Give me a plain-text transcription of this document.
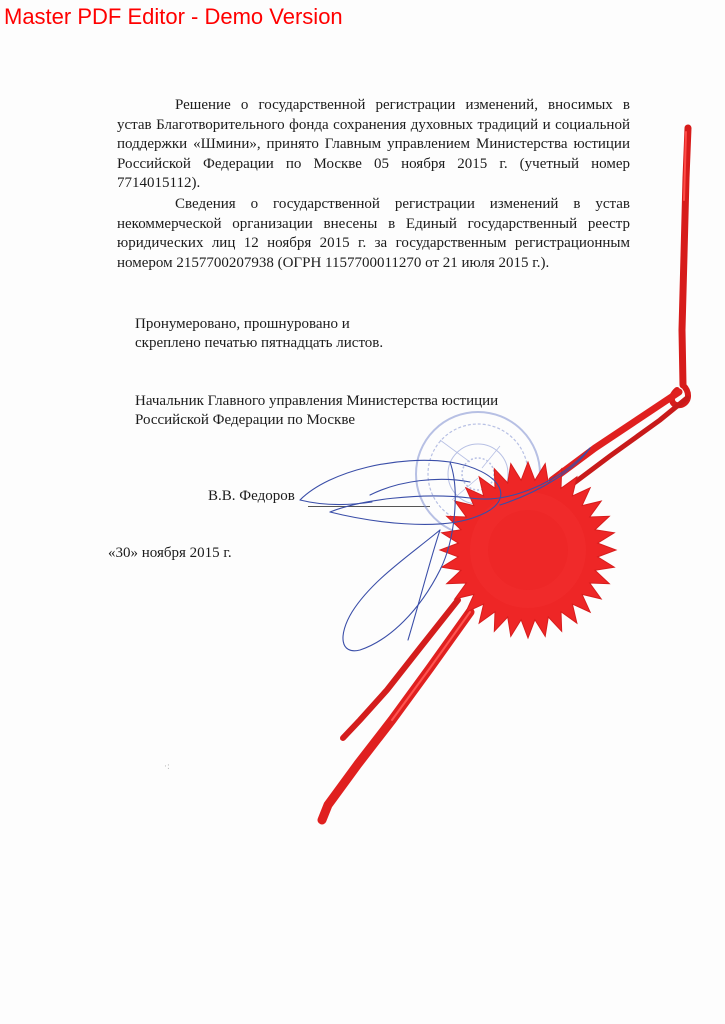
Master PDF Editor - Demo Version

Решение о государственной регистрации изменений, вносимых в устав Благотворительного фонда сохранения духовных традиций и социальной поддержки «Шмини», принято Главным управлением Министерства юстиции Российской Федерации по Москве 05 ноября 2015 г. (учетный номер 7714015112).

Сведения о государственной регистрации изменений в устав некоммерческой организации внесены в Единый государственный реестр юридических лиц 12 ноября 2015 г. за государственным регистрационным номером 2157700207938 (ОГРН 1157700011270 от 21 июля 2015 г.).

Пронумеровано, прошнуровано и
скреплено печатью пятнадцать листов.
Начальник Главного управления Министерства юстиции
Российской Федерации по Москве
В.В. Федоров
«30» ноября 2015 г.
·:
